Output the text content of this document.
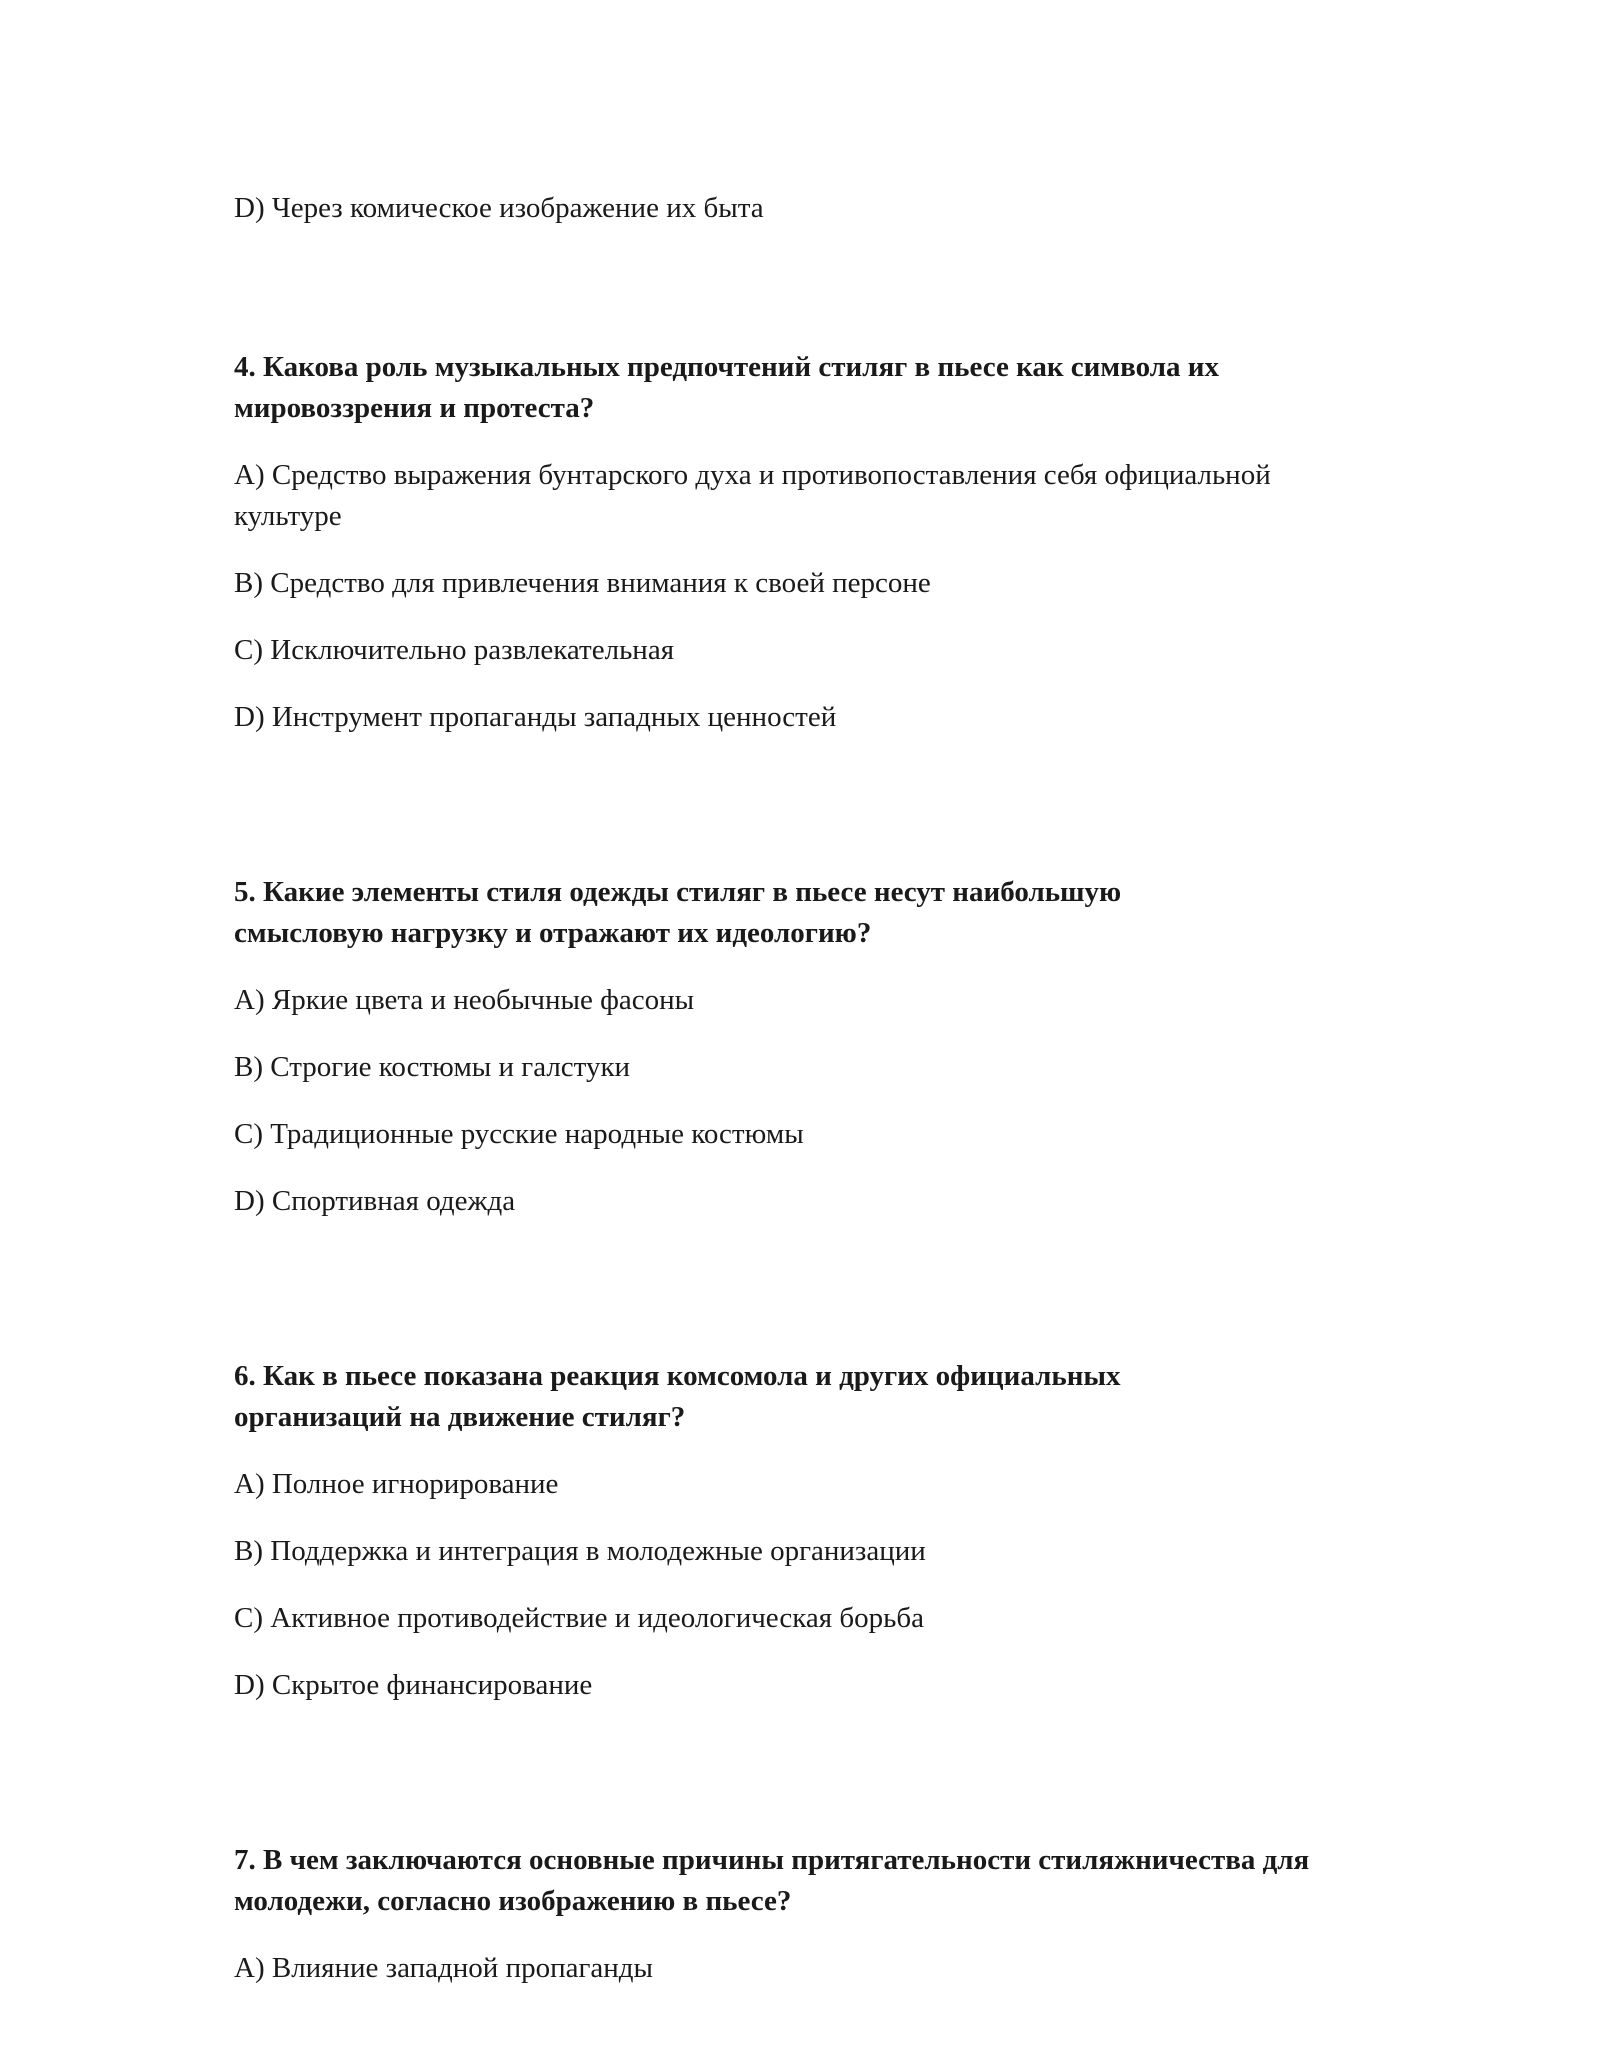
D) Через комическое изображение их быта

4. Какова роль музыкальных предпочтений стиляг в пьесе как символа их мировоззрения и протеста?

A) Средство выражения бунтарского духа и противопоставления себя официальной культуре

B) Средство для привлечения внимания к своей персоне

C) Исключительно развлекательная

D) Инструмент пропаганды западных ценностей

5. Какие элементы стиля одежды стиляг в пьесе несут наибольшую смысловую нагрузку и отражают их идеологию?

A) Яркие цвета и необычные фасоны

B) Строгие костюмы и галстуки

C) Традиционные русские народные костюмы

D) Спортивная одежда

6. Как в пьесе показана реакция комсомола и других официальных организаций на движение стиляг?

A) Полное игнорирование

B) Поддержка и интеграция в молодежные организации

C) Активное противодействие и идеологическая борьба

D) Скрытое финансирование

7. В чем заключаются основные причины притягательности стиляжничества для молодежи, согласно изображению в пьесе?

A) Влияние западной пропаганды
